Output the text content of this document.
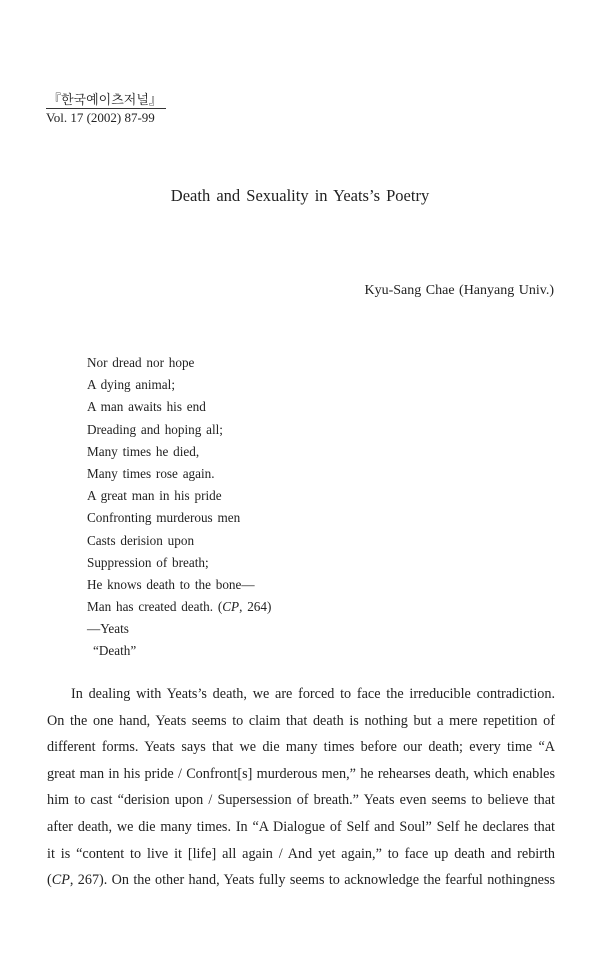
『한국예이츠저널』
Vol. 17 (2002) 87-99
Death and Sexuality in Yeats’s Poetry
Kyu-Sang Chae (Hanyang Univ.)
Nor dread nor hope
A dying animal;
A man awaits his end
Dreading and hoping all;
Many times he died,
Many times rose again.
A great man in his pride
Confronting murderous men
Casts derision upon
Suppression of breath;
He knows death to the bone—
Man has created death. (CP, 264)
—Yeats
“Death”
In dealing with Yeats’s death, we are forced to face the irreducible contradiction.
On the one hand, Yeats seems to claim that death is nothing but a mere repetition of
different forms. Yeats says that we die many times before our death; every time “A
great man in his pride / Confront[s] murderous men,” he rehearses death, which enables
him to cast “derision upon / Supersession of breath.” Yeats even seems to believe that
after death, we die many times. In “A Dialogue of Self and Soul” Self he declares that
it is “content to live it [life] all again / And yet again,” to face up death and rebirth
(CP, 267). On the other hand, Yeats fully seems to acknowledge the fearful nothingness
